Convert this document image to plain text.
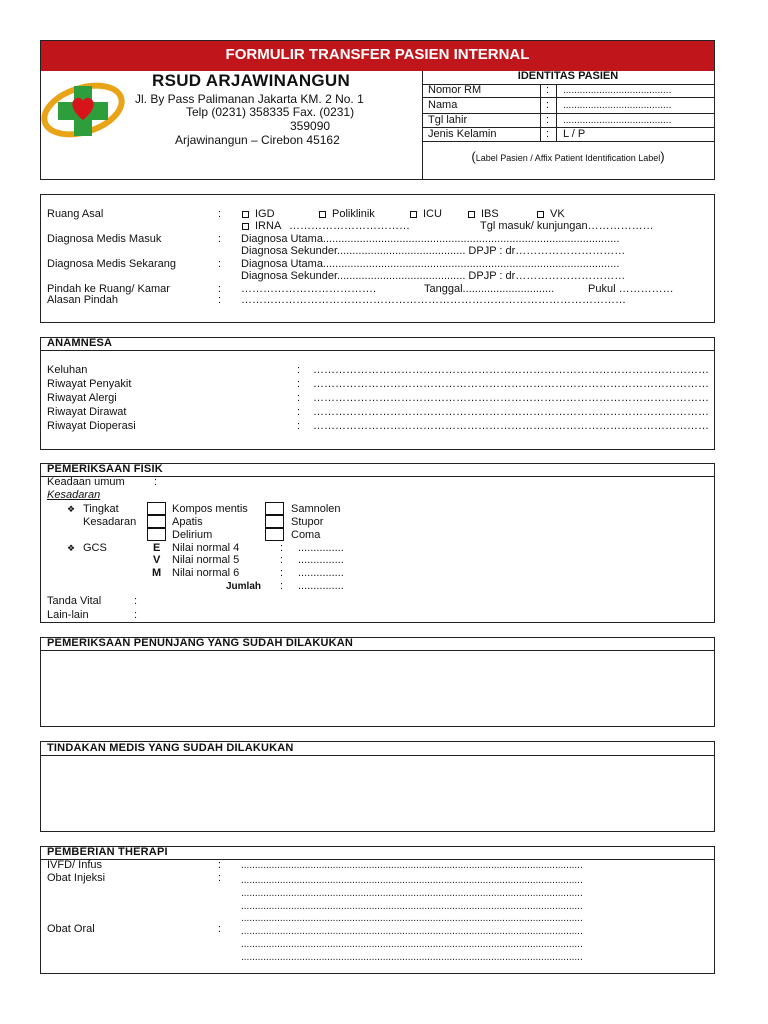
FORMULIR TRANSFER PASIEN INTERNAL
RSUD ARJAWINANGUN
Jl. By Pass Palimanan Jakarta KM. 2 No. 1
Telp (0231) 358335 Fax. (0231)
359090
Arjawinangun – Cirebon 45162
IDENTITAS PASIEN
Nomor RM	: .......................................
Nama	: .......................................
Tgl lahir	: .......................................
Jenis Kelamin	: L / P
(Label Pasien / Affix Patient Identification Label)
Ruang Asal	:	IGD	Poliklinik	ICU	IBS	VK
IRNA ……………………………	Tgl masuk/ kunjungan………………
Diagnosa Medis Masuk	: Diagnosa Utama.................................................................................................
Diagnosa Sekunder.......................................... DPJP : dr…………………………
Diagnosa Medis Sekarang	: Diagnosa Utama.................................................................................................
Diagnosa Sekunder.......................................... DPJP : dr…………………………
Pindah ke Ruang/ Kamar	: ……………………………….	Tanggal..............................	Pukul ……………
Alasan Pindah	: ……………………………………………………………………………………………
ANAMNESA
Keluhan	: ………………………………………………………………………………………………
Riwayat Penyakit	: ………………………………………………………………………………………………
Riwayat Alergi	: ………………………………………………………………………………………………
Riwayat Dirawat	: ………………………………………………………………………………………………
Riwayat Dioperasi	: ………………………………………………………………………………………………
PEMERIKSAAN FISIK
Keadaan umum	:
Kesadaran
❖ Tingkat
Kesadaran
Kompos mentis
Apatis
Delirium
Samnolen
Stupor
Coma
❖ GCS	E Nilai normal 4	: ...............
V Nilai normal 5	: ...............
M Nilai normal 6	: ...............
Jumlah : ...............
Tanda Vital	:
Lain-lain	:
PEMERIKSAAN PENUNJANG YANG SUDAH DILAKUKAN
TINDAKAN MEDIS YANG SUDAH DILAKUKAN
PEMBERIAN THERAPI
IVFD/ Infus	: ...........................................................................................................................
Obat Injeksi	: ...........................................................................................................................
...........................................................................................................................
...........................................................................................................................
...........................................................................................................................
Obat Oral	: ...........................................................................................................................
...........................................................................................................................
...........................................................................................................................
